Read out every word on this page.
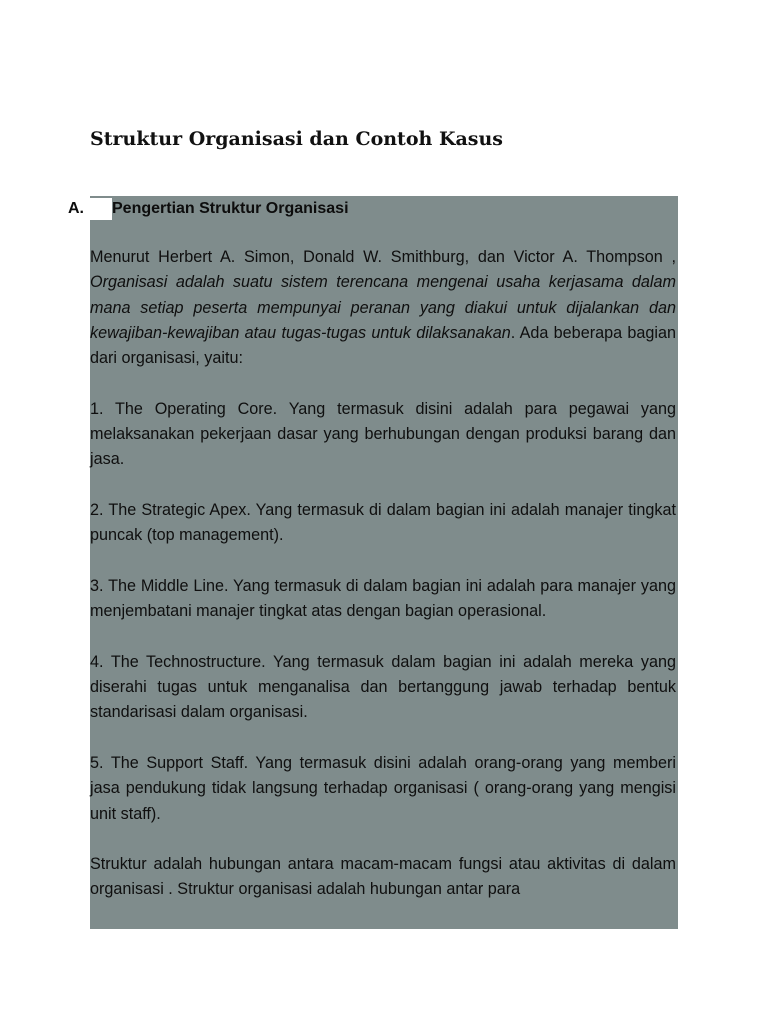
Struktur Organisasi dan Contoh Kasus
A.	Pengertian Struktur Organisasi

Menurut Herbert A. Simon, Donald W. Smithburg, dan Victor A. Thompson , Organisasi adalah suatu sistem terencana mengenai usaha kerjasama dalam mana setiap peserta mempunyai peranan yang diakui untuk dijalankan dan kewajiban-kewajiban atau tugas-tugas untuk dilaksanakan. Ada beberapa bagian dari organisasi, yaitu:

1. The Operating Core. Yang termasuk disini adalah para pegawai yang melaksanakan pekerjaan dasar yang berhubungan dengan produksi barang dan jasa.

2. The Strategic Apex. Yang termasuk di dalam bagian ini adalah manajer tingkat puncak (top management).

3. The Middle Line. Yang termasuk di dalam bagian ini adalah para manajer yang menjembatani manajer tingkat atas dengan bagian operasional.

4. The Technostructure. Yang termasuk dalam bagian ini adalah mereka yang diserahi tugas untuk menganalisa dan bertanggung jawab terhadap bentuk standarisasi dalam organisasi.

5. The Support Staff. Yang termasuk disini adalah orang-orang yang memberi jasa pendukung tidak langsung terhadap organisasi ( orang-orang yang mengisi unit staff).

Struktur adalah hubungan antara macam-macam fungsi atau aktivitas di dalam organisasi . Struktur organisasi adalah hubungan antar para
